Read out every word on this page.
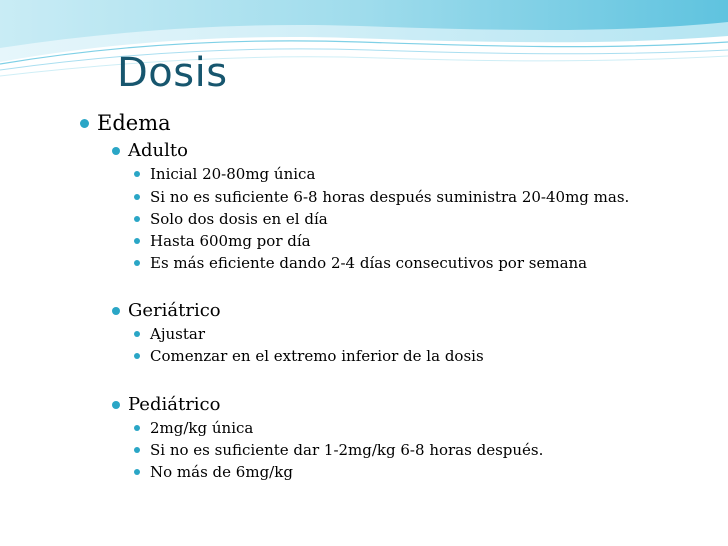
Dosis
Edema
Adulto
Inicial 20-80mg única
Si no es suficiente 6-8 horas después suministra 20-40mg mas.
Solo dos dosis en el día
Hasta 600mg por día
Es más eficiente dando 2-4 días consecutivos por semana
Geriátrico
Ajustar
Comenzar en el extremo inferior de la dosis
Pediátrico
2mg/kg única
Si no es suficiente dar 1-2mg/kg 6-8 horas después.
No más de 6mg/kg
